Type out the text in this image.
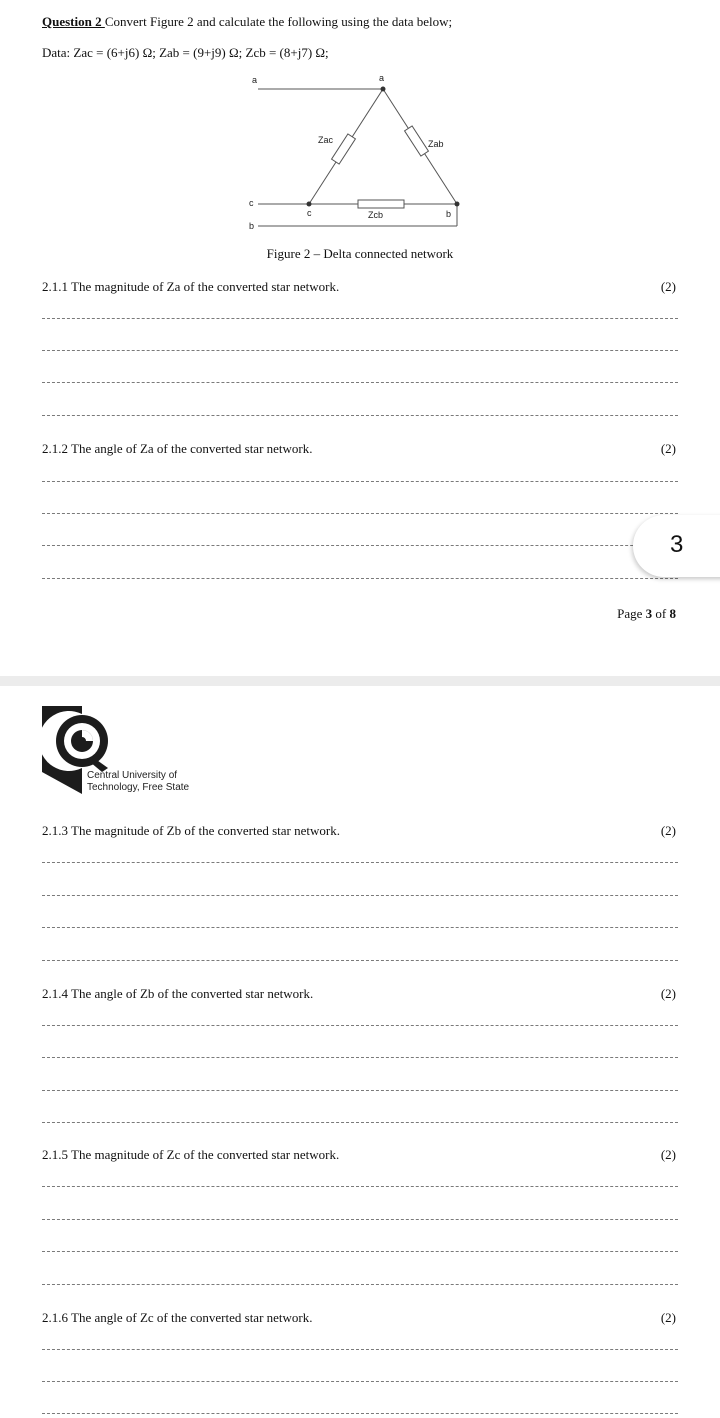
Question 2 Convert Figure 2 and calculate the following using the data below;
Data: Zac = (6+j6) Ω; Zab = (9+j9) Ω; Zcb = (8+j7) Ω;
a	a
c
b
c	b
Zac	Zab
Zcb
Figure 2 – Delta connected network
2.1.1 The magnitude of Za of the converted star network.	(2)
2.1.2 The angle of Za of the converted star network.	(2)
Page 3 of 8
3
Central University of
Technology, Free State
2.1.3 The magnitude of Zb of the converted star network.	(2)
2.1.4 The angle of Zb of the converted star network.	(2)
2.1.5 The magnitude of Zc of the converted star network.	(2)
2.1.6 The angle of Zc of the converted star network.	(2)
